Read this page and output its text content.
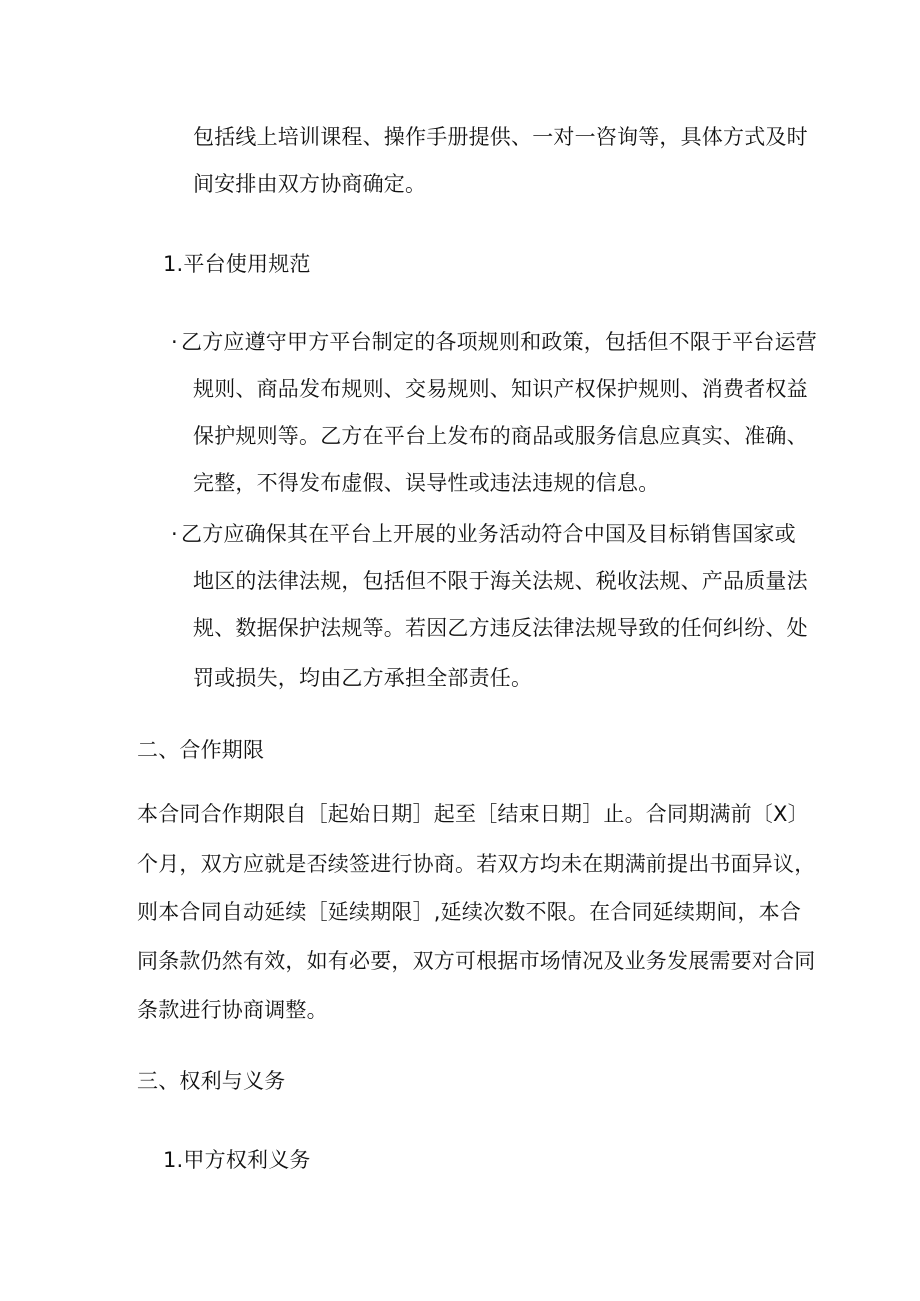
包括线上培训课程、操作手册提供、一对一咨询等，具体方式及时
间安排由双方协商确定。
1.平台使用规范
· 乙方应遵守甲方平台制定的各项规则和政策，包括但不限于平台运营
规则、商品发布规则、交易规则、知识产权保护规则、消费者权益
保护规则等。乙方在平台上发布的商品或服务信息应真实、准确、
完整，不得发布虚假、误导性或违法违规的信息。
· 乙方应确保其在平台上开展的业务活动符合中国及目标销售国家或
地区的法律法规，包括但不限于海关法规、税收法规、产品质量法
规、数据保护法规等。若因乙方违反法律法规导致的任何纠纷、处
罚或损失，均由乙方承担全部责任。
二、合作期限
本合同合作期限自［起始日期］起至［结束日期］止。合同期满前〔X〕
个月，双方应就是否续签进行协商。若双方均未在期满前提出书面异议，
则本合同自动延续［延续期限］,延续次数不限。在合同延续期间，本合
同条款仍然有效，如有必要，双方可根据市场情况及业务发展需要对合同
条款进行协商调整。
三、权利与义务
1.甲方权利义务
